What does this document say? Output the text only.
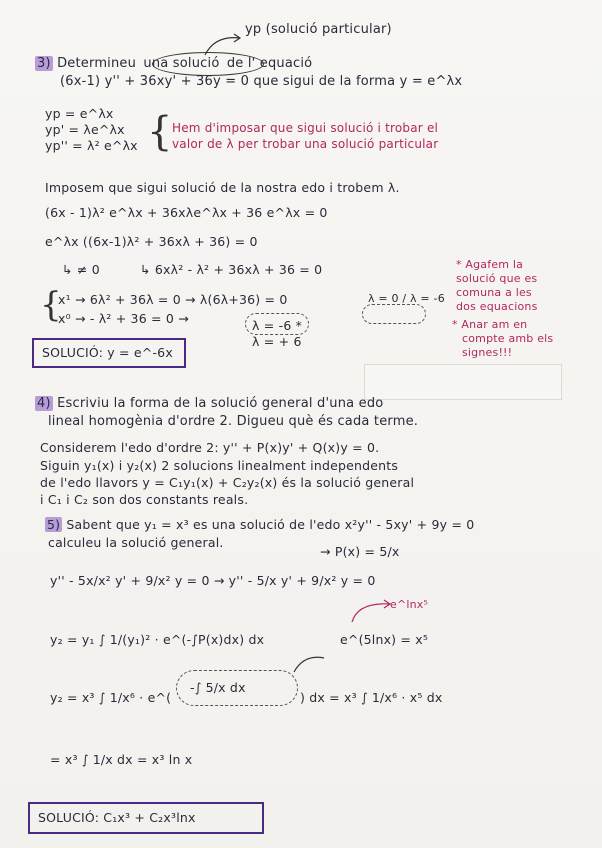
yp (solució particular)
3) Determineu una solució de l' equació
(6x-1) y'' + 36xy' + 36y = 0 que sigui de la forma y = e^λx
yp = e^λx
yp' = λe^λx
yp'' = λ² e^λx { Hem d'imposar que sigui solució i trobar el
valor de λ per trobar una solució particular
Imposem que sigui solució de la nostra edo i trobem λ.
(6x - 1)λ² e^λx + 36xλe^λx + 36 e^λx = 0
e^λx ((6x-1)λ² + 36xλ + 36) = 0
↳ ≠ 0	↳ 6xλ² - λ² + 36xλ + 36 = 0
{
x¹ → 6λ² + 36λ = 0 → λ(6λ+36) = 0	λ = 0 / λ = -6
x⁰ → - λ² + 36 = 0 →	λ = -6 *
λ = + 6
* Agafem la
solució que es
comuna a les
dos equacions
* Anar am en
compte amb els
signes!!!
SOLUCIÓ: y = e^-6x
4) Escriviu la forma de la solució general d'una edo
lineal homogènia d'ordre 2. Digueu què és cada terme.
Considerem l'edo d'ordre 2: y'' + P(x)y' + Q(x)y = 0.
Siguin y₁(x) i y₂(x) 2 solucions linealment independents
de l'edo llavors y = C₁y₁(x) + C₂y₂(x) és la solució general
i C₁ i C₂ son dos constants reals.
5) Sabent que y₁ = x³ es una solució de l'edo x²y'' - 5xy' + 9y = 0
calculeu la solució general.
→ P(x) = 5/x
y'' - 5x/x² y' + 9/x² y = 0 → y'' - 5/x y' + 9/x² y = 0
y₂ = y₁ ∫ 1/(y₁)² · e^(-∫P(x)dx) dx	e^(5lnx) = x⁵
e^lnx⁵
y₂ = x³ ∫ 1/x⁶ · e^(
-∫ 5/x dx
) dx = x³ ∫ 1/x⁶ · x⁵ dx
= x³ ∫ 1/x dx = x³ ln x
SOLUCIÓ: C₁x³ + C₂x³lnx
